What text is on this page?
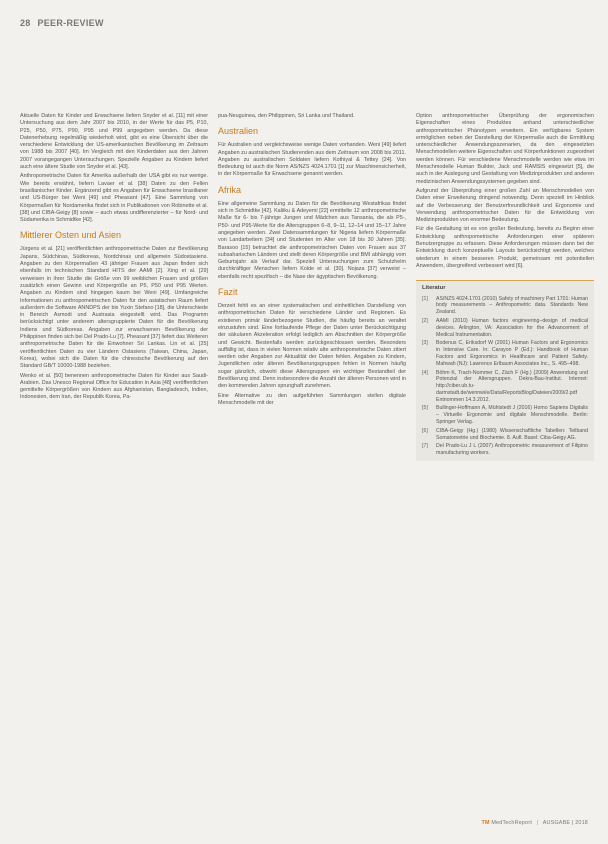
28 PEER-REVIEW

Aktuelle Daten für Kinder und Erwachsene liefern Snyder et al. [11] mit einer Untersuchung aus dem Jahr 2007 bis 2010, in der Werte für das P5, P10, P25, P50, P75, P90, P95 und P99 angegeben werden. Da diese Datenerhebung regelmäßig wiederholt wird, gibt es eine Übersicht über die verschiedene Entwicklung der US-amerikanischen Bevölkerung im Zeitraum von 1988 bis 2007 [40]. Im Vergleich mit den Kinderdaten aus den Jahren 2007 vorangegangen Untersuchungen. Spezielle Angaben zu Kindern liefert auch eine ältere Studie von Snyder et al. [43].

Anthropometrische Daten für Amerika außerhalb der USA gibt es nur wenige. Wie bereits erwähnt, liefern Lavaer et al. [38] Daten zu den Fellen brasilianischer Kinder. Ergänzend gibt es Angaben für Erwachsene brasilianer und US-Bürger bei Weni [49] und Pheasant [47]. Eine Sammlung von Körpermaßen für Nordamerika findet sich in Publikationen von Robinette et al. [38] und CIBA-Geigy [8] sowie – auch etwas undifferenzierter – für Nord- und Südamerika in Schmidtke [42].

Mittlerer Osten und Asien

Jürgens et al. [21] veröffentlichten anthropometrische Daten zur Bevölkerung Japans, Südchinas, Südkoreas, Nordchinas und allgemein Südostasiens. Angaben zu den Körpermaßen 43 jähriger Frauen aus Japan finden sich ebenfalls im technischen Standard HITS der AAMI [2]. Xing et al. [29] verweisen in ihrer Studie die Größe von 99 weiblichen Frauen und größen zusätzlich einen Gewinn und Körpergröße an P5, P50 und P95 Werten. Angaben zu Kindern sind hingegen kaum bei Weni [49]. Umfangreiche Informationen zu anthropometrischen Daten für den asiatischen Raum liefert außerdem die Software ANNDPS der bis Yuxin Stefano [18], die Unterschiede in Bereich Asmodi und Austrasia eingestellt wird. Das Programm berücksichtigt unter anderem altersgruppierte Daten für die Bevölkerung Indiens und Südkoreas. Angaben zur erwachsenen Bevölkerung der Philippinen finden sich bei Del Prado-Lu [7]. Pheasant [37] liefert das Weiteren anthropometrische Daten für die Einwohner Sri Lankas. Lin et al. [25] veröffentlichten Daten zu vier Ländern Ostasiens (Taiwan, China, Japan, Korea), wobei sich die Daten für die chinesische Bevölkerung auf den Standard GB/T 10000-1988 beziehen.

Wenko et al. [50] benennen anthropometrische Daten für Kinder aus Saudi-Arabien. Das Unesco Regional Office for Education in Asia [48] veröffentlichen gemittelte Körpergrößen von Kindern aus Afghanistan, Bangladesch, Indien, Indonesien, dem Iran, der Republik Korea, Pa-

pua-Neuguinea, den Philippinen, Sri Lanka und Thailand.

Australien

Für Australien und vergleichsweise wenige Daten vorhanden. Weni [49] liefert Angaben zu australischen Studierenden aus dem Zeitraum von 2008 bis 2011. Angaben zu australischen Soldaten liefern Kothiyal & Tettey [24]. Von Bedeutung ist auch die Norm AS/NZS 4024.1701 [1] zur Maschinensicherheit, in der Körpermaße für Erwachsene genannt werden.

Afrika

Eine allgemeine Sammlung zu Daten für die Bevölkerung Westafrikas findet sich in Schmidtke [42]. Kaliiku & Adeyemi [22] ermittelte 12 anthropometrische Maße für 6- bis 7-jährige Jungen und Mädchen aus Tansania, die als P5-, P50- und P95-Werte für die Altersgruppen 6–8, 9–11, 12–14 und 15–17 Jahre angegeben werden. Zwei Datensammlungen für Nigeria liefern Körpermaße von Landarbeitern [34] und Studenten im Alter von 18 bis 30 Jahren [35]. Barasoo [15] betrachtet die anthropometrischen Daten von Frauen aus 37 subsaharischen Ländern und stellt deren Körpergröße und BMI abhängig vom Geburtsjahr als Verlauf dar. Speziell Untersuchungen zum Schutzhelm durchkräftiger Menschen liefern Kolde et al. [30]. Nojaza [37] verweist – ebenfalls recht spezifisch – die Nase der ägyptischen Bevölkerung.

Fazit

Derzeit fehlt es an einer systematischen und einheitlichen Darstellung von anthropometrischen Daten für verschiedene Länder und Regionen. Es existieren primär länderbezogene Studien, die häufig bereits an veraltet einzustufen sind. Eine fortlaufende Pflege der Daten unter Berücksichtigung der säkularen Akzeleration erfolgt lediglich am Abschnitten der Körpergröße und Gewicht. Bestenfalls werden zurückgeschlossen werden. Besonders auffällig ist, dass in vielen Normen relativ alte anthropometrische Daten zitiert werden oder Angaben zur Aktualität der Daten fehlen. Angaben zu Kindern, Jugendlichen oder älteren Bevölkerungsgruppen fehlen in Normen häufig sogar gänzlich, obwohl diese Altersgruppen ein wichtiger Bestandteil der Bevölkerung sind. Denn insbesondere die Anzahl der älteren Personen wird in den kommenden Jahren sprunghaft zunehmen.

Eine Alternative zu den aufgeführten Sammlungen stellen digitale Menschmodelle mit der

Option anthropometrischer Überprüfung der ergonomischen Eigenschaften eines Produktes anhand unterschiedlicher anthropometrischer Phänotypen erweitern. Ein verfügbares System ermöglichen neben der Darstellung der Körpermaße auch die Ermittlung unterschiedlicher Anwendungsszenarien, da den eingesetzten Menschmodellen weitere Eigenschaften und Körperfunktionen zugeordnet werden können. Für verschiedene Menschmodelle werden wie etwa im Menschmodelle Human Builder, Jack und RAMSIS eingesetzt [5], die auch in der Auslegung und Gestaltung von Medizinprodukten und anderen medizinischen Anwendungssystemen gegeben sind.

Aufgrund der Überprüfung einer großen Zahl an Menschmodellen von Daten einer Erweiterung dringend notwendig. Denn speziell im Hinblick auf die Verbesserung der Benutzerfreundlichkeit und Ergonomie und Verwendung anthropometrischer Daten für die Entwicklung von Medizinprodukten von enormer Bedeutung.

Für die Gestaltung ist es von großer Bedeutung, bereits zu Beginn einer Entwicklung anthropometrische Anforderungen einer späteren Benutzergruppe zu erfassen. Diese Anforderungen müssen dann bei der Entwicklung durch konzeptuelle Layouts berücksichtigt werden, welches wiederum in einem besseren Produkt, gemeinsam mit potentiellen Anwendern, übergreifend verbessert wird [6].

Literatur
[1]	AS/NZS 4024.1701 (2010) Safety of machinery Part 1701: Human body measurements – Anthropometric data. Standards New Zealand.
[2]	AAMI (2010) Human factors engineering–design of medical devices. Arlington, VA: Association for the Advancement of Medical Instrumentation.
[3]	Bodenus C, Eriksdorf W (2001) Human Factors and Ergonomics in Intensive Care. In: Carayon P (Ed.): Handbook of Human Factors and Ergonomics in Healthcare and Patient Safety. Mahwah (NJ): Lawrence Erlbaum Associates Inc., S. 495–498.
[4]	Böhm K, Trach-Nommer C, Zäch F (Hg.) (2009) Anwendung und Potenzial der Altersgruppen. Dekra-Bau-Institut. Internet: http://ciber.ub.tu-darmstadt.de/wennwi/e/Data/ReportsBlog/Dateien/2009/2.pdf Entnommen 14.3.2012.
[5]	Bullinger-Hoffmann A, Mühlstedt J (2016) Homo Sapiens Digitalis – Virtuelle Ergonomie und digitale Menschmodelle. Berlin: Springer Verlag.
[6]	CIBA-Geigy (Hg.) (1980) Wissenschaftliche Tabellen: Teilband Somatometrie und Biochemie. 8. Aufl. Basel: Ciba-Geigy AG.
[7]	Del Prado-Lu J L (2007) Anthropometric measurement of Filipino manufacturing workers.
TM MedTechReport | AUSGABE | 2018
